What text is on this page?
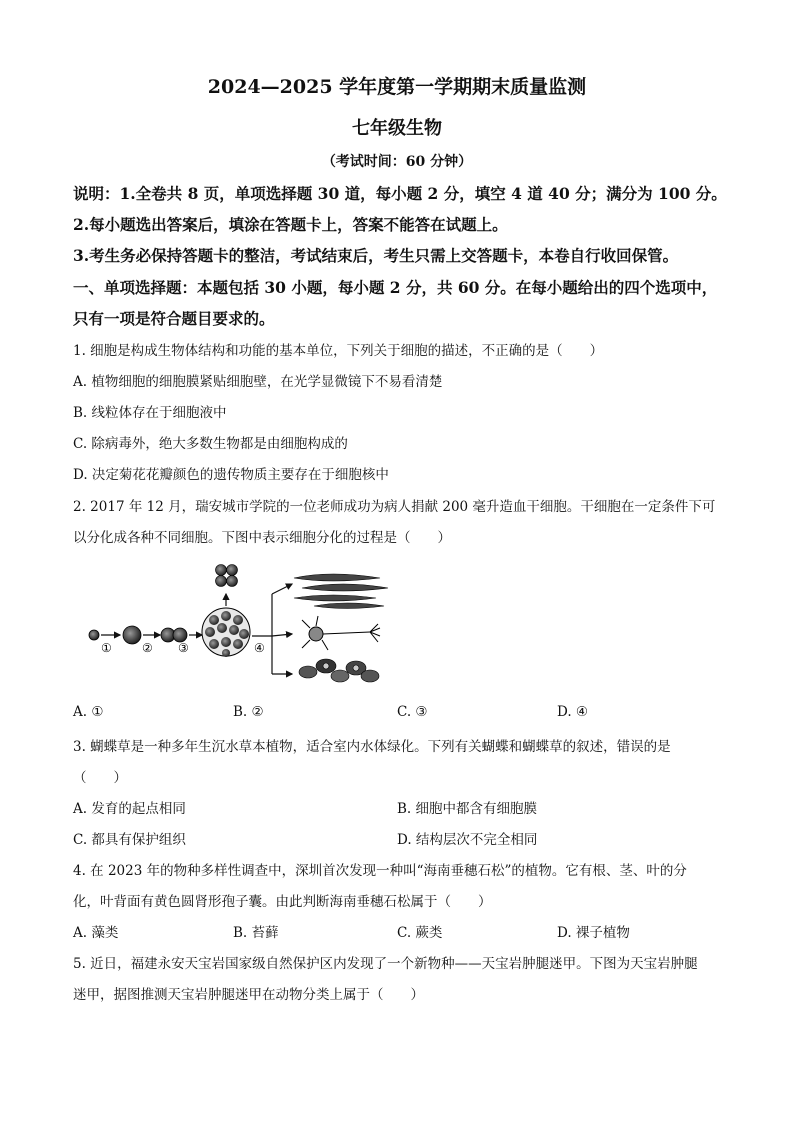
2024—2025 学年度第一学期期末质量监测
七年级生物
（考试时间：60 分钟）
说明：1.全卷共 8 页，单项选择题 30 道，每小题 2 分，填空 4 道 40 分；满分为 100 分。
2.每小题选出答案后，填涂在答题卡上，答案不能答在试题上。
3.考生务必保持答题卡的整洁，考试结束后，考生只需上交答题卡，本卷自行收回保管。
一、单项选择题：本题包括 30 小题，每小题 2 分，共 60 分。在每小题给出的四个选项中，
只有一项是符合题目要求的。
1. 细胞是构成生物体结构和功能的基本单位，下列关于细胞的描述，不正确的是（　　）
A. 植物细胞的细胞膜紧贴细胞壁，在光学显微镜下不易看清楚
B. 线粒体存在于细胞液中
C. 除病毒外，绝大多数生物都是由细胞构成的
D. 决定菊花花瓣颜色的遗传物质主要存在于细胞核中
2. 2017 年 12 月，瑞安城市学院的一位老师成功为病人捐献 200 毫升造血干细胞。干细胞在一定条件下可
以分化成各种不同细胞。下图中表示细胞分化的过程是（　　）
①	② ③	④
A. ①	B. ②	C. ③	D. ④
3. 蝴蝶草是一种多年生沉水草本植物，适合室内水体绿化。下列有关蝴蝶和蝴蝶草的叙述，错误的是
（　　）
A. 发育的起点相同	B. 细胞中都含有细胞膜
C. 都具有保护组织	D. 结构层次不完全相同
4. 在 2023 年的物种多样性调查中，深圳首次发现一种叫“海南垂穗石松”的植物。它有根、茎、叶的分
化，叶背面有黄色圆肾形孢子囊。由此判断海南垂穗石松属于（　　）
A. 藻类	B. 苔藓	C. 蕨类	D. 裸子植物
5. 近日，福建永安天宝岩国家级自然保护区内发现了一个新物种——天宝岩肿腿迷甲。下图为天宝岩肿腿
迷甲，据图推测天宝岩肿腿迷甲在动物分类上属于（　　）
